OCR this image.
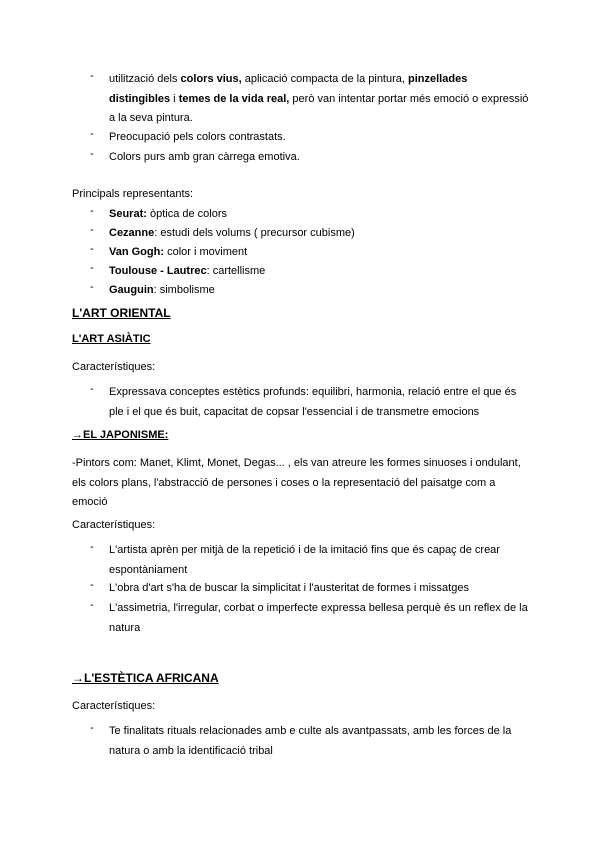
- utilització dels colors vius, aplicació compacta de la pintura, pinzellades distingibles i temes de la vida real, però van intentar portar més emoció o expressió a la seva pintura.
- Preocupació pels colors contrastats.
- Colors purs amb gran càrrega emotiva.
Principals representants:
- Seurat: òptica de colors
- Cezanne: estudi dels volums ( precursor cubisme)
- Van Gogh: color i moviment
- Toulouse - Lautrec: cartellisme
- Gauguin: simbolisme
L'ART ORIENTAL
L'ART ASIÀTIC
Característiques:
- Expressava conceptes estètics profunds: equilibri, harmonia, relació entre el que és ple i el que és buit, capacitat de copsar l'essencial i de transmetre emocions
→EL JAPONISME:
-Pintors com: Manet, Klimt, Monet, Degas... , els van atreure les formes sinuoses i ondulant, els colors plans, l'abstracció de persones i coses o la representació del paisatge com a emoció
Característiques:
- L'artista aprèn per mitjà de la repetició i de la imitació fins que és capaç de crear espontàniament
- L'obra d'art s'ha de buscar la simplicitat i l'austeritat de formes i missatges
- L'assimetria, l'irregular, corbat o imperfecte expressa bellesa perquè és un reflex de la natura
→L'ESTÈTICA AFRICANA
Característiques:
- Te finalitats rituals relacionades amb e culte als avantpassats, amb les forces de la natura o amb la identificació tribal
